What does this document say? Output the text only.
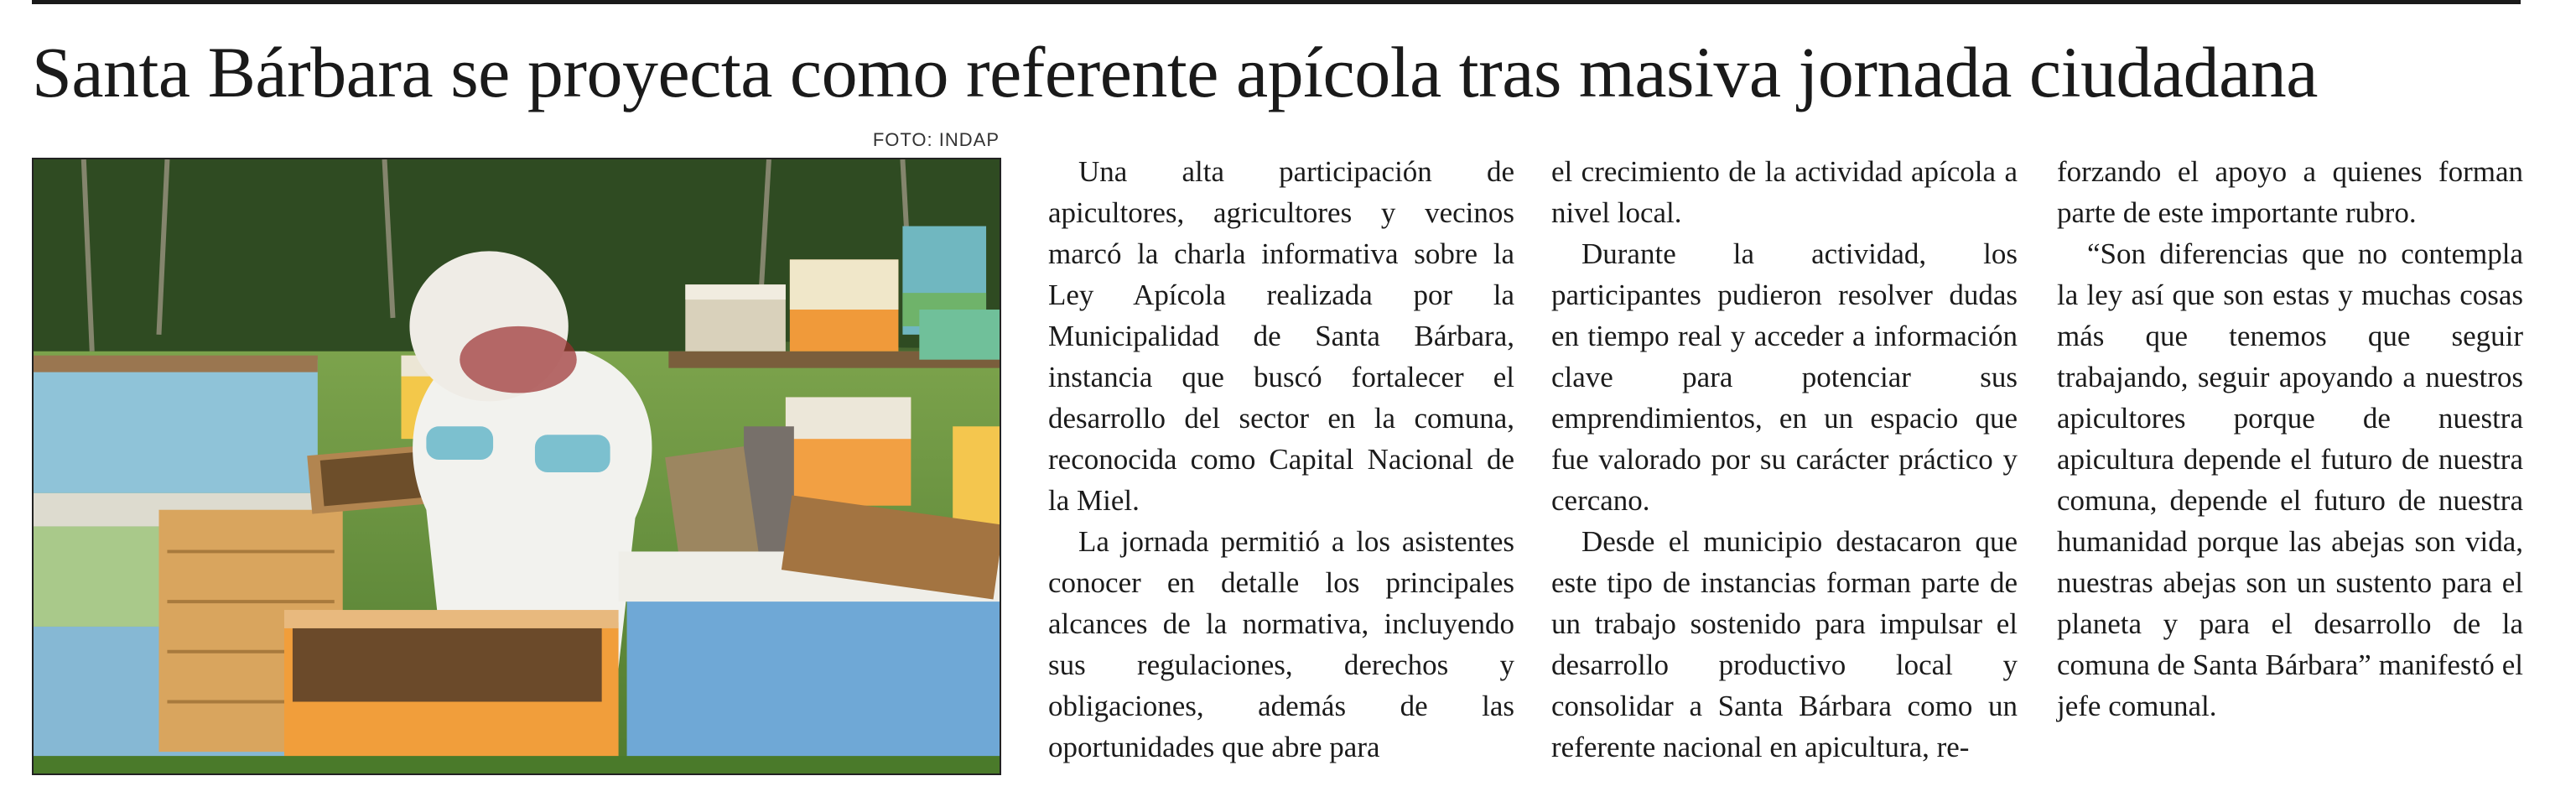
Santa Bárbara se proyecta como referente apícola tras masiva jornada ciudadana
FOTO: INDAP

Una alta participación de apicultores, agricultores y vecinos marcó la charla informativa sobre la Ley Apícola realizada por la Municipalidad de Santa Bárbara, instancia que buscó fortalecer el desarrollo del sector en la comuna, reconocida como Capital Nacional de la Miel.

La jornada permitió a los asistentes conocer en detalle los principales alcances de la normativa, incluyendo sus regulaciones, derechos y obligaciones, además de las oportunidades que abre para

el crecimiento de la actividad apícola a nivel local.

Durante la actividad, los participantes pudieron resolver dudas en tiempo real y acceder a información clave para potenciar sus emprendimientos, en un espacio que fue valorado por su carácter práctico y cercano.

Desde el municipio destacaron que este tipo de instancias forman parte de un trabajo sostenido para impulsar el desarrollo productivo local y consolidar a Santa Bárbara como un referente nacional en apicultura, re-

forzando el apoyo a quienes forman parte de este importante rubro.

“Son diferencias que no contempla la ley así que son estas y muchas cosas más que tenemos que seguir trabajando, seguir apoyando a nuestros apicultores porque de nuestra apicultura depende el futuro de nuestra comuna, depende el futuro de nuestra humanidad porque las abejas son vida, nuestras abejas son un sustento para el planeta y para el desarrollo de la comuna de Santa Bárbara” manifestó el jefe comunal.
